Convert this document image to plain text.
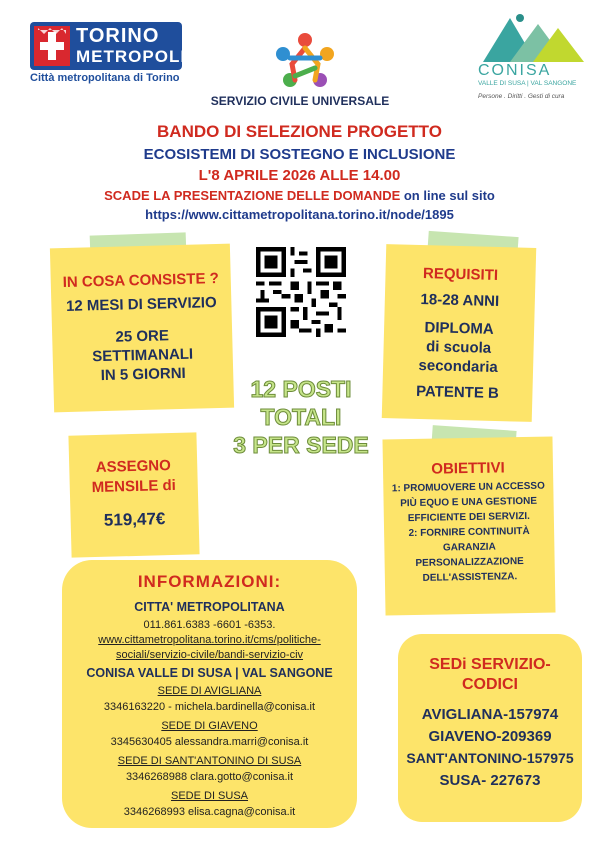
TORINO
METROPOLI
Città metropolitana di Torino
SERVIZIO CIVILE UNIVERSALE
CONISA
VALLE DI SUSA | VAL SANGONE
Persone . Diritti . Gesti di cura
BANDO DI SELEZIONE PROGETTO
ECOSISTEMI DI SOSTEGNO E INCLUSIONE
L'8 APRILE 2026 ALLE 14.00
SCADE LA PRESENTAZIONE DELLE DOMANDE on line sul sito
https://www.cittametropolitana.torino.it/node/1895
IN COSA CONSISTE ?
12 MESI DI SERVIZIO
25 ORE
SETTIMANALI
IN 5 GIORNI
12 POSTI
TOTALI
3 PER SEDE
REQUISITI
18-28 ANNI
DIPLOMA
di scuola
secondaria
PATENTE B
ASSEGNO
MENSILE di
519,47€
OBIETTIVI
1: PROMUOVERE UN ACCESSO
PIÙ EQUO E UNA GESTIONE
EFFICIENTE DEI SERVIZI.
2: FORNIRE CONTINUITÀ
GARANZIA
PERSONALIZZAZIONE
DELL'ASSISTENZA.
INFORMAZIONI:
CITTA' METROPOLITANA
011.861.6383 -6601 -6353.
www.cittametropolitana.torino.it/cms/politiche-
sociali/servizio-civile/bandi-servizio-civ
CONISA VALLE DI SUSA | VAL SANGONE
SEDE DI AVIGLIANA
3346163220 - michela.bardinella@conisa.it
SEDE DI GIAVENO
3345630405 alessandra.marri@conisa.it
SEDE DI SANT'ANTONINO DI SUSA
3346268988 clara.gotto@conisa.it
SEDE DI SUSA
3346268993 elisa.cagna@conisa.it
SEDi SERVIZIO-
CODICI
AVIGLIANA-157974
GIAVENO-209369
SANT'ANTONINO-157975
SUSA- 227673
